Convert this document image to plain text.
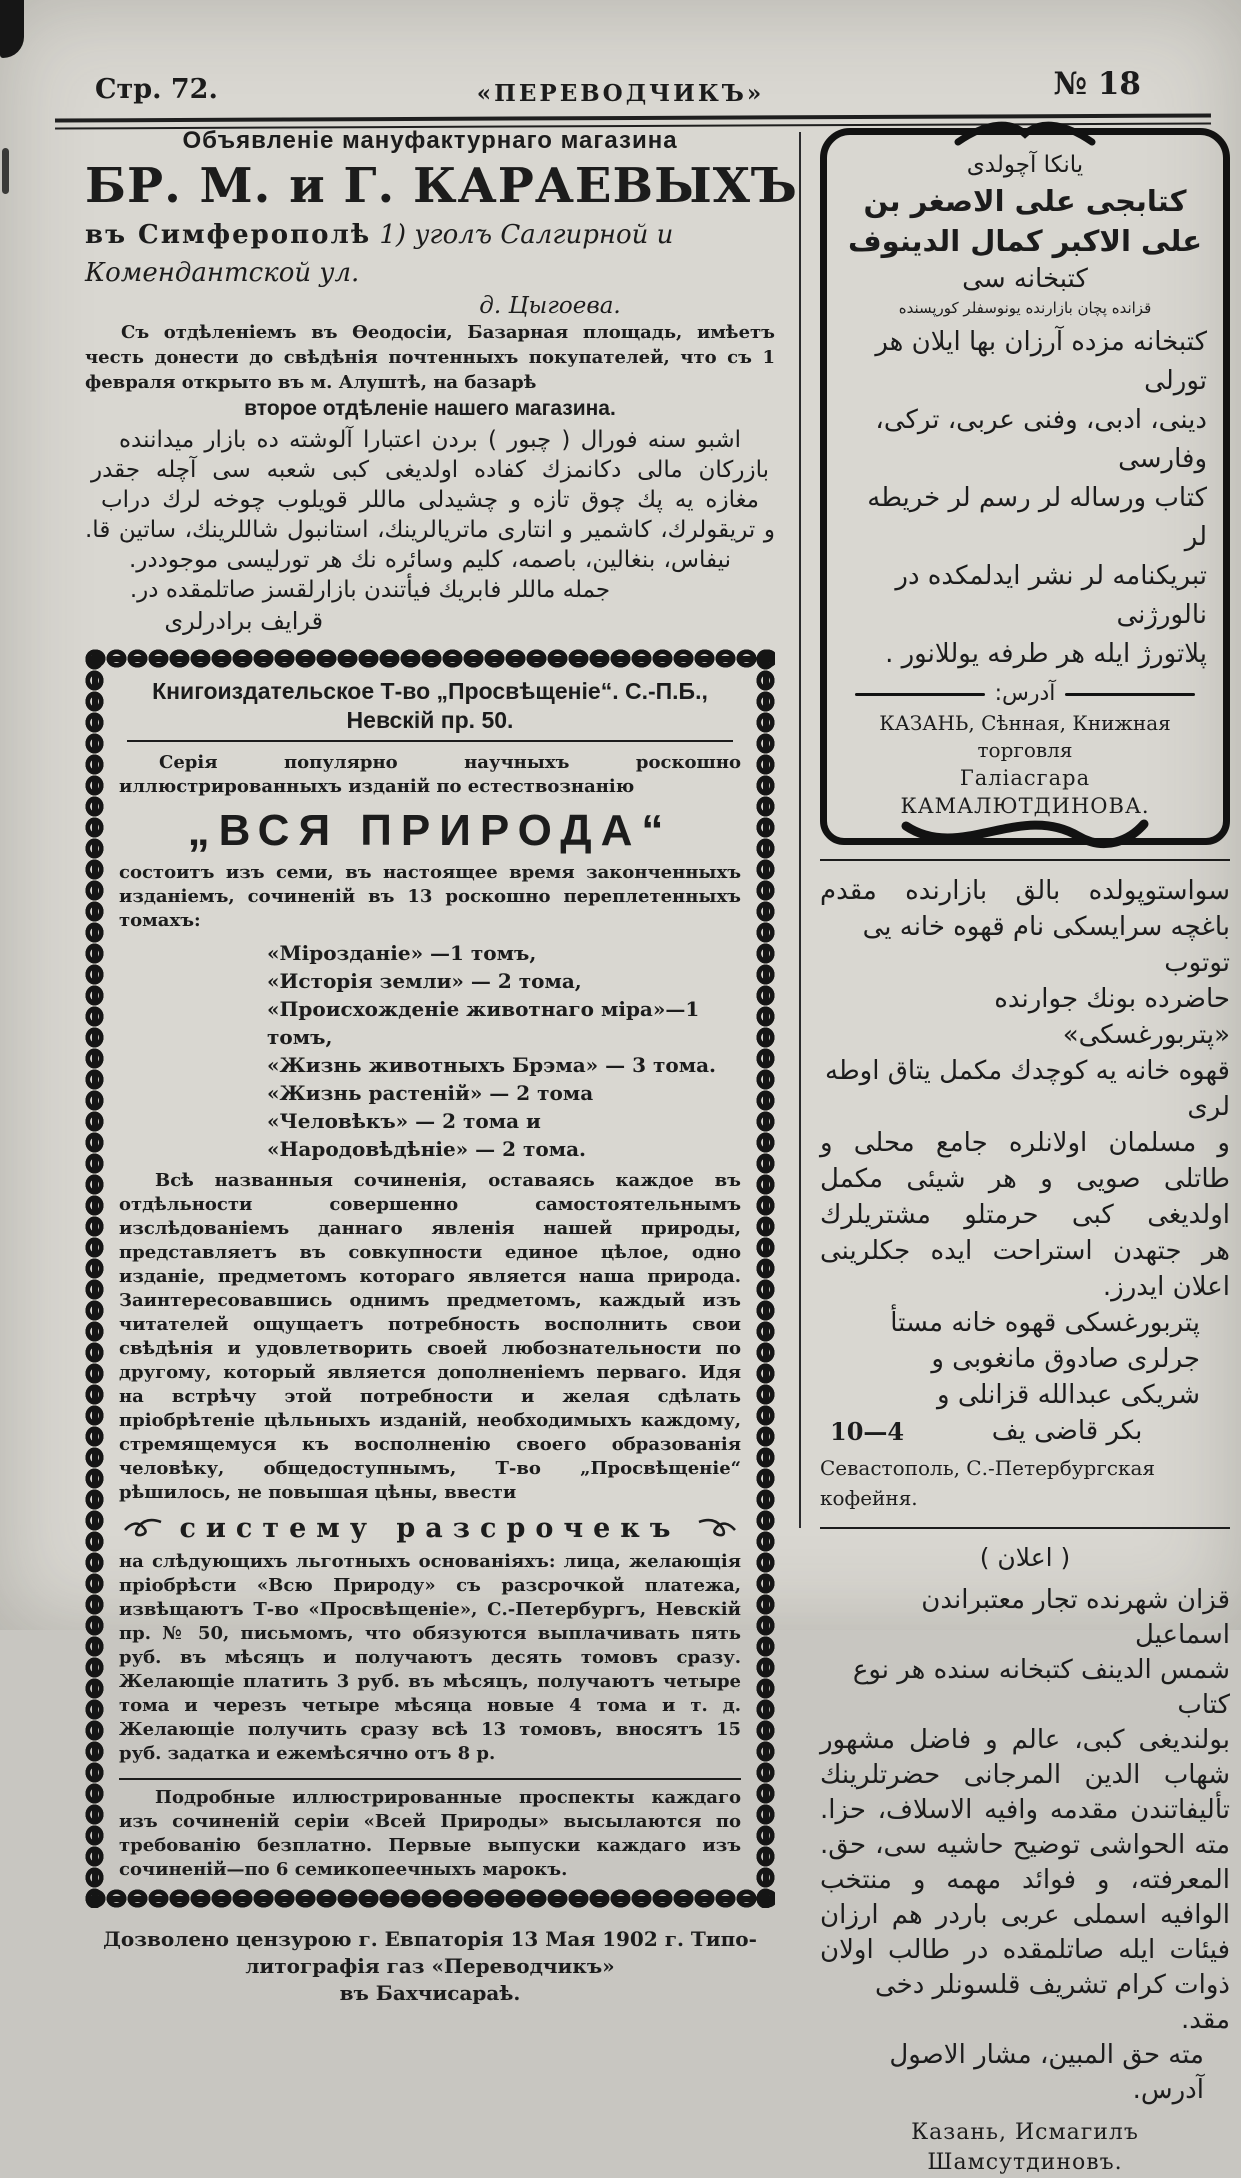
Стр. 72.	«ПЕРЕВОДЧИКЪ»	№ 18
Объявленіе мануфактурнаго магазина
БР. М. и Г. КАРАЕВЫХЪ
въ Симферополѣ 1) уголъ Салгирной и Комендантской ул.
д. Цыгоева.
Съ отдѣленіемъ въ Ѳеодосіи, Базарная площадь, имѣетъ честь донести до свѣдѣнія почтенныхъ покупателей, что съ 1 февраля открыто въ м. Алуштѣ, на базарѣ
второе отдѣленіе нашего магазина.
اشبو سنه فورال ( چبور ) بردن اعتبارا آلوشته ده بازار ميداننده
بازركان مالى دكانمزك كفاده اولديغى كبى شعبه سى آچله جقدر
مغازه يه پك چوق تازه و چشيدلى ماللر قويلوب چوخه لرك دراب
و تريقولرك، كاشمير و انتارى ماتريالرينك، استانبول شاللرينك، ساتين قا.
نيفاس، بنغالين، باصمه، كليم وسائره نك هر تورليسى موجوددر.
جمله ماللر فابريك فيأتندن بازارلقسز صاتلمقده در.
قرايف برادرلرى
Книгоиздательское Т-во „Просвѣщеніе“. С.-П.Б., Невскій пр. 50.
Серія популярно научныхъ роскошно иллюстрированныхъ изданій по естествознанію
„ВСЯ ПРИРОДА“
состоитъ изъ семи, въ настоящее время законченныхъ изданіемъ, сочиненій въ 13 роскошно переплетенныхъ томахъ:
«Мірозданіе» —1 томъ,
«Исторія земли» — 2 тома,
«Происхожденіе животнаго міра»—1 томъ,
«Жизнь животныхъ Брэма» — 3 тома.
«Жизнь растеній» — 2 тома
«Человѣкъ» — 2 тома и
«Народовѣдѣніе» — 2 тома.
Всѣ названныя сочиненія, оставаясь каждое въ отдѣльности совершенно самостоятельнымъ изслѣдованіемъ даннаго явленія нашей природы, представляетъ въ совкупности единое цѣлое, одно изданіе, предметомъ котораго является наша природа. Заинтересовавшись однимъ предметомъ, каждый изъ читателей ощущаетъ потребность восполнить свои свѣдѣнія и удовлетворить своей любознательности по другому, который является дополненіемъ перваго. Идя на встрѣчу этой потребности и желая сдѣлать пріобрѣтеніе цѣльныхъ изданій, необходимыхъ каждому, стремящемуся къ восполненію своего образованія человѣку, общедоступнымъ, Т-во „Просвѣщеніе“ рѣшилось, не повышая цѣны, ввести
систему разсрочекъ
на слѣдующихъ льготныхъ основаніяхъ: лица, желающія пріобрѣсти «Всю Природу» съ разсрочкой платежа, извѣщаютъ Т-во «Просвѣщеніе», С.-Петербургъ, Невскій пр. № 50, письмомъ, что обязуются выплачивать пять руб. въ мѣсяцъ и получаютъ десять томовъ сразу. Желающіе платить 3 руб. въ мѣсяцъ, получаютъ четыре тома и черезъ четыре мѣсяца новые 4 тома и т. д. Желающіе получить сразу всѣ 13 томовъ, вносятъ 15 руб. задатка и ежемѣсячно отъ 8 р.
Подробные иллюстрированные проспекты каждаго изъ сочиненій серіи «Всей Природы» высылаются по требованію безплатно. Первые выпуски каждаго изъ сочиненій—по 6 семикопеечныхъ марокъ.
Дозволено цензурою г. Евпаторія 13 Мая 1902 г. Типо-литографія газ «Переводчикъ»
въ Бахчисараѣ.
يانكا آچولدى
كتابجى على الاصغر بن على الاكبر كمال الدينوف
كتبخانه سى
قزانده پچان بازارنده يونوسفلر كورپسنده
كتبخانه مزده آرزان بها ايلان هر تورلى
دينى، ادبى، وفنى عربى، تركى، وفارسى
كتاب ورساله لر رسم لر خريطه لر
تبريكنامه لر نشر ايدلمكده در نالورژنى
پلاتورژ ايله هر طرفه يوللانور .
آدرس:
КАЗАНЬ, Сѣнная, Книжная торговля
Галіасгара КАМАЛЮТДИНОВА.
سواستوپولده بالق بازارنده مقدم
باغچه سرايسكى نام قهوه خانه يى توتوب
حاضرده بونك جوارنده «پتربورغسكى»
قهوه خانه يه كوچدك مكمل يتاق اوطه لرى
و مسلمان اولانلره جامع محلى و
طاتلى صويى و هر شيئى مكمل
اولديغى كبى حرمتلو مشتريلرك
هر جتهدن استراحت ايده جكلرينى
اعلان ايدرز.
پتربورغسكى قهوه خانه مستأ
جرلرى صادوق مانغوبى و
شريكى عبدالله قزانلى و
10—4	بكر قاضى يف
Севастополь, С.-Петербургская кофейня.
( اعلان )
قزان شهرنده تجار معتبراندن اسماعيل
شمس الدينف كتبخانه سنده هر نوع كتاب
بولنديغى كبى، عالم و فاضل مشهور
شهاب الدين المرجانى حضرتلرينك
تأليفاتندن مقدمه وافيه الاسلاف، حزا.
مته الحواشى توضيح حاشيه سى، حق.
المعرفته، و فوائد مهمه و منتخب
الوافيه اسملى عربى باردر هم ارزان
فيئات ايله صاتلمقده در طالب اولان
ذوات كرام تشريف قلسونلر دخى مقد.
مته حق المبين، مشار الاصول آدرس.
Казань, Исмагилъ Шамсутдиновъ.
